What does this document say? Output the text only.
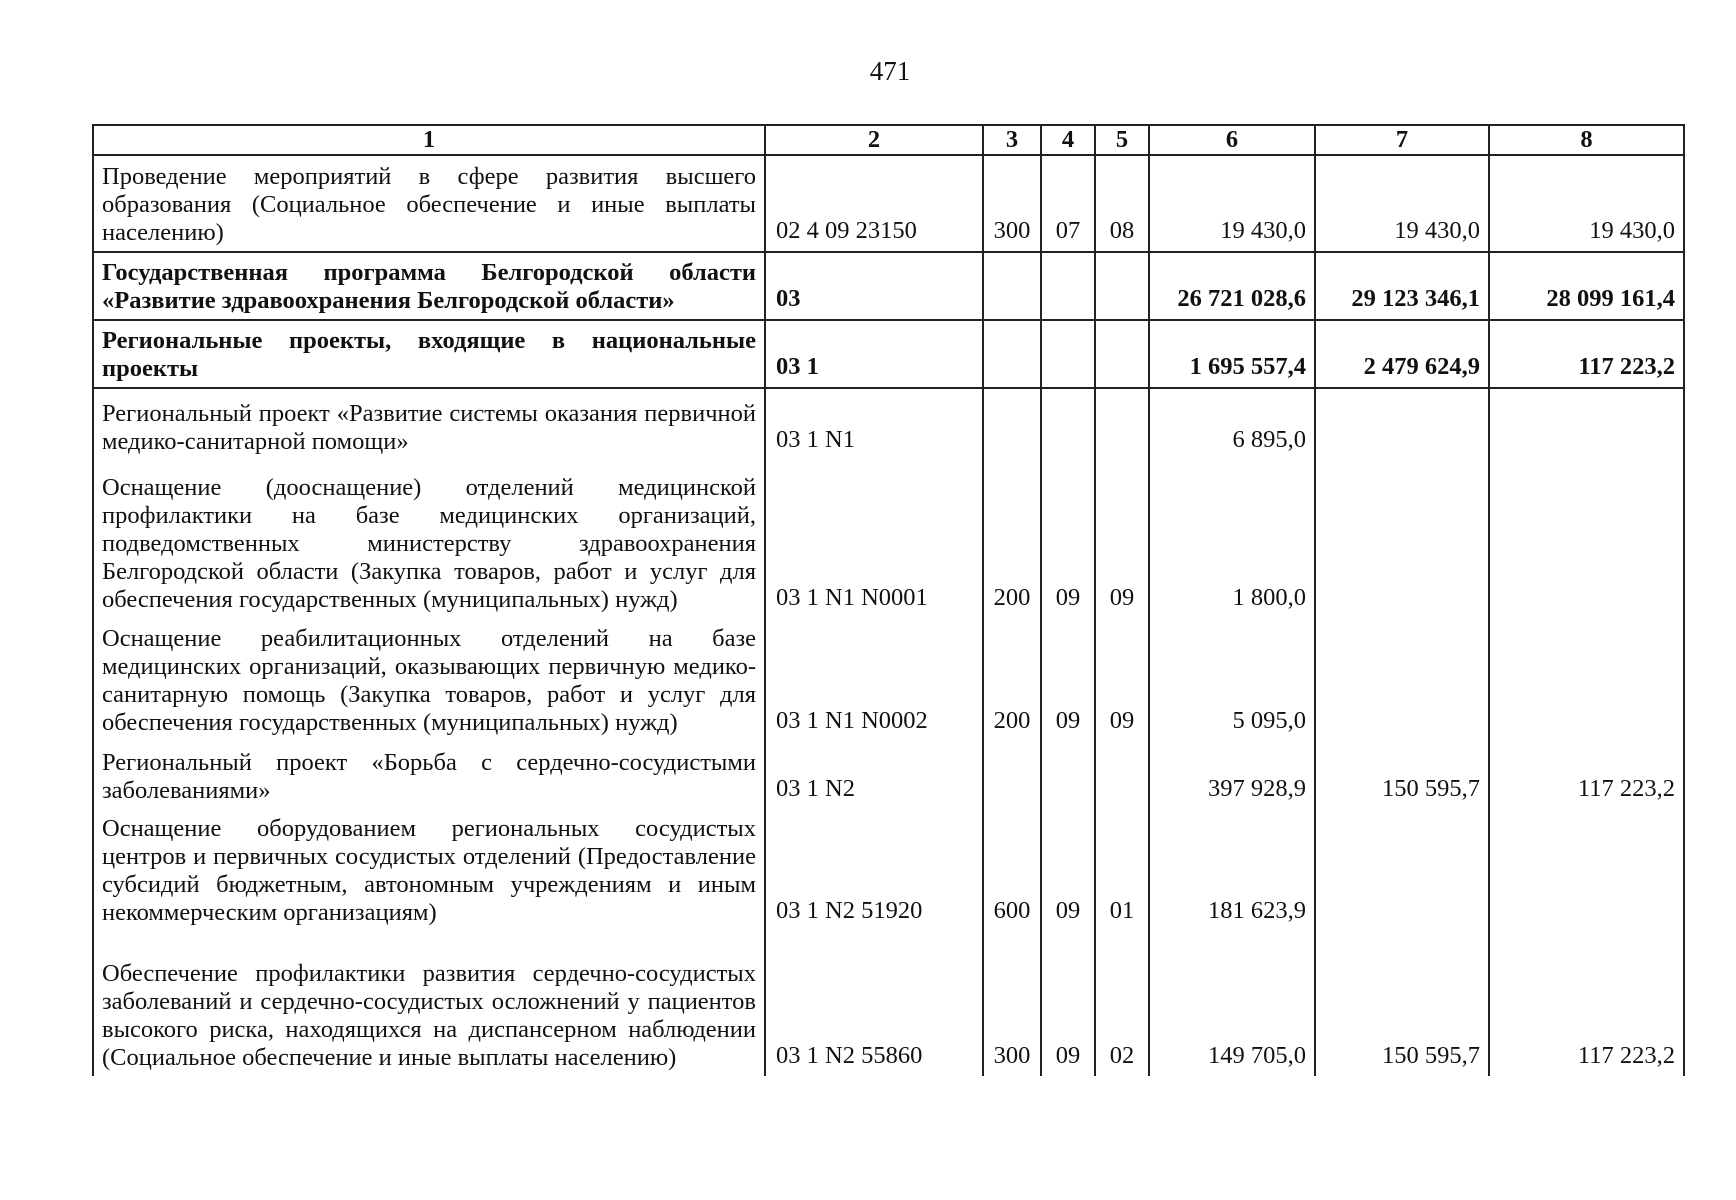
471
1	2	3	4	5	6	7	8
Проведение мероприятий в сфере развития высшего образования (Социальное обеспечение и иные выплаты населению)	02 4 09 23150	300	07	08	19 430,0	19 430,0	19 430,0
Государственная программа Белгородской области «Развитие здравоохранения Белгородской области»	03				26 721 028,6	29 123 346,1	28 099 161,4
Региональные проекты, входящие в национальные проекты	03 1				1 695 557,4	2 479 624,9	117 223,2
Региональный проект «Развитие системы оказания первичной медико-санитарной помощи»	03 1 N1				6 895,0		
Оснащение (дооснащение) отделений медицинской профилактики на базе медицинских организаций, подведомственных министерству здравоохранения Белгородской области (Закупка товаров, работ и услуг для обеспечения государственных (муниципальных) нужд)	03 1 N1 N0001	200	09	09	1 800,0		
Оснащение реабилитационных отделений на базе медицинских организаций, оказывающих первичную медико-санитарную помощь (Закупка товаров, работ и услуг для обеспечения государственных (муниципальных) нужд)	03 1 N1 N0002	200	09	09	5 095,0		
Региональный проект «Борьба с сердечно-сосудистыми заболеваниями»	03 1 N2				397 928,9	150 595,7	117 223,2
Оснащение оборудованием региональных сосудистых центров и первичных сосудистых отделений (Предоставление субсидий бюджетным, автономным учреждениям и иным некоммерческим организациям)	03 1 N2 51920	600	09	01	181 623,9		
Обеспечение профилактики развития сердечно-сосудистых заболеваний и сердечно-сосудистых осложнений у пациентов высокого риска, находящихся на диспансерном наблюдении (Социальное обеспечение и иные выплаты населению)	03 1 N2 55860	300	09	02	149 705,0	150 595,7	117 223,2
